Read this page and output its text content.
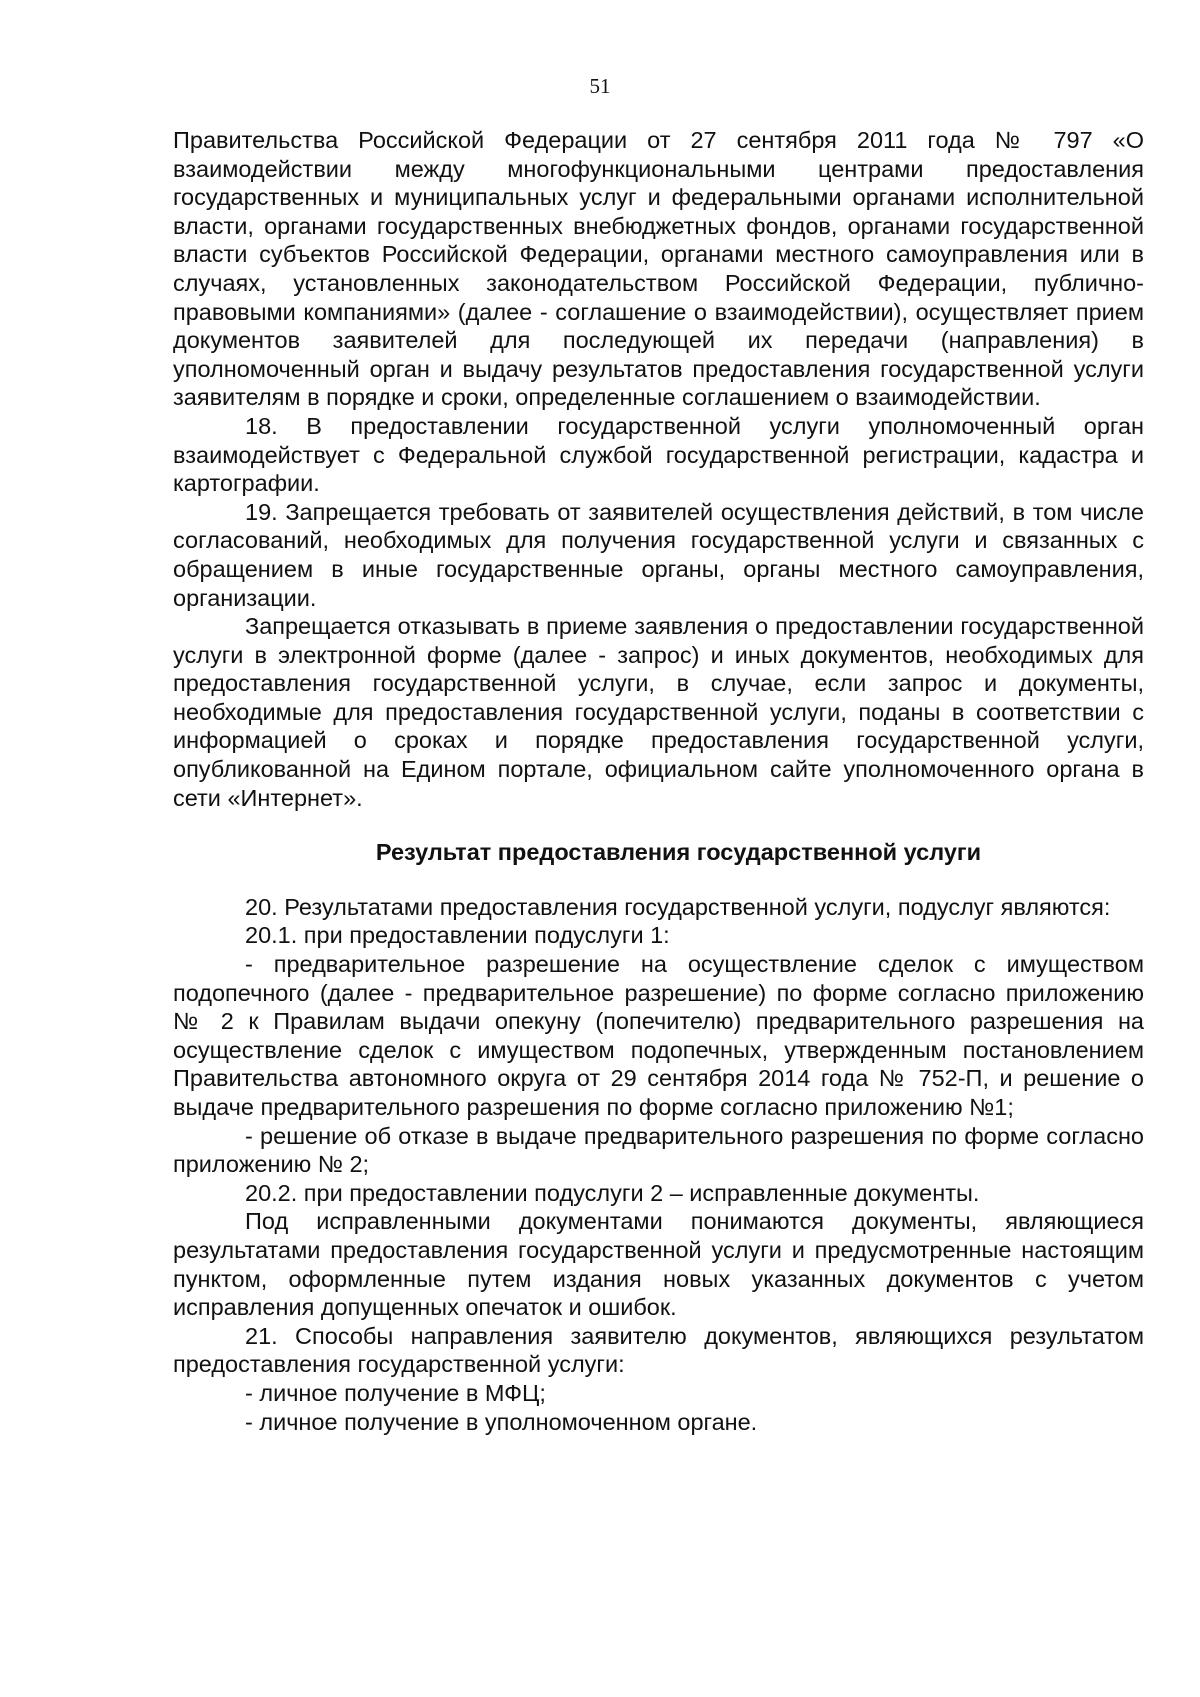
51

Правительства Российской Федерации от 27 сентября 2011 года № 797 «О взаимодействии между многофункциональными центрами предоставления государственных и муниципальных услуг и федеральными органами исполнительной власти, органами государственных внебюджетных фондов, органами государственной власти субъектов Российской Федерации, органами местного самоуправления или в случаях, установленных законодательством Российской Федерации, публично-правовыми компаниями» (далее - соглашение о взаимодействии), осуществляет прием документов заявителей для последующей их передачи (направления) в уполномоченный орган и выдачу результатов предоставления государственной услуги заявителям в порядке и сроки, определенные соглашением о взаимодействии.

18. В предоставлении государственной услуги уполномоченный орган взаимодействует с Федеральной службой государственной регистрации, кадастра и картографии.

19. Запрещается требовать от заявителей осуществления действий, в том числе согласований, необходимых для получения государственной услуги и связанных с обращением в иные государственные органы, органы местного самоуправления, организации.

Запрещается отказывать в приеме заявления о предоставлении государственной услуги в электронной форме (далее - запрос) и иных документов, необходимых для предоставления государственной услуги, в случае, если запрос и документы, необходимые для предоставления государственной услуги, поданы в соответствии с информацией о сроках и порядке предоставления государственной услуги, опубликованной на Едином портале, официальном сайте уполномоченного органа в сети «Интернет».

Результат предоставления государственной услуги

20. Результатами предоставления государственной услуги, подуслуг являются:

20.1. при предоставлении подуслуги 1:

- предварительное разрешение на осуществление сделок с имуществом подопечного (далее - предварительное разрешение) по форме согласно приложению № 2 к Правилам выдачи опекуну (попечителю) предварительного разрешения на осуществление сделок с имуществом подопечных, утвержденным постановлением Правительства автономного округа от 29 сентября 2014 года № 752-П, и решение о выдаче предварительного разрешения по форме согласно приложению №1;

- решение об отказе в выдаче предварительного разрешения по форме согласно приложению № 2;

20.2. при предоставлении подуслуги 2 – исправленные документы.

Под исправленными документами понимаются документы, являющиеся результатами предоставления государственной услуги и предусмотренные настоящим пунктом, оформленные путем издания новых указанных документов с учетом исправления допущенных опечаток и ошибок.

21. Способы направления заявителю документов, являющихся результатом предоставления государственной услуги:

- личное получение в МФЦ;

- личное получение в уполномоченном органе.
